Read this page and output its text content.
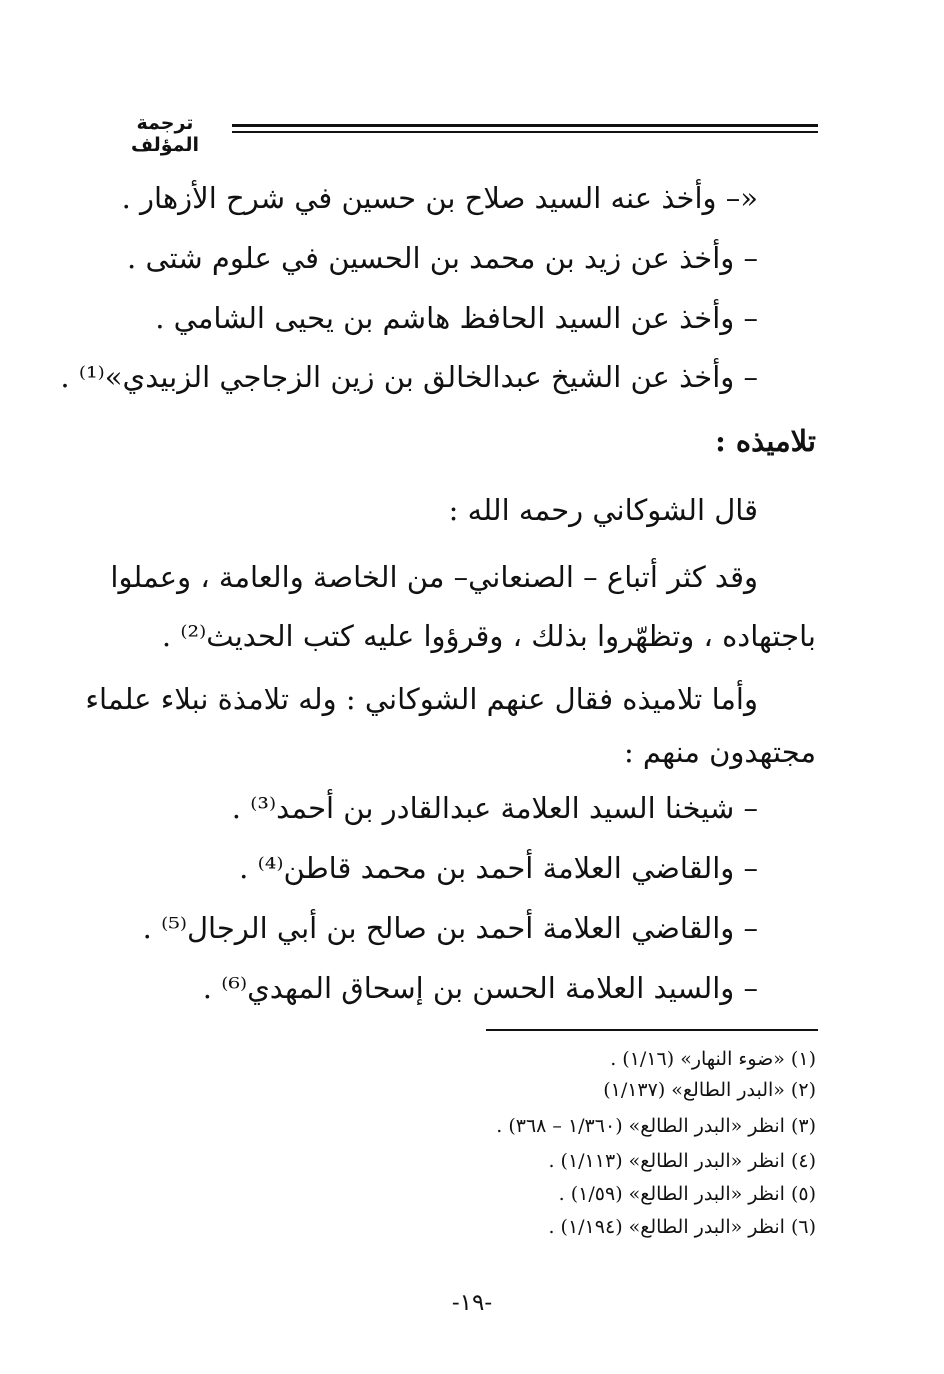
ترجمة المؤلف
«– وأخذ عنه السيد صلاح بن حسين في شرح الأزهار .
– وأخذ عن زيد بن محمد بن الحسين في علوم شتى .
– وأخذ عن السيد الحافظ هاشم بن يحيى الشامي .
– وأخذ عن الشيخ عبدالخالق بن زين الزجاجي الزبيدي»⁽¹⁾ .
تلاميذه :
قال الشوكاني رحمه الله :
وقد كثر أتباع – الصنعاني– من الخاصة والعامة ، وعملوا
باجتهاده ، وتظهّروا بذلك ، وقرؤوا عليه كتب الحديث⁽²⁾ .
وأما تلاميذه فقال عنهم الشوكاني : وله تلامذة نبلاء علماء
مجتهدون منهم :
– شيخنا السيد العلامة عبدالقادر بن أحمد⁽³⁾ .
– والقاضي العلامة أحمد بن محمد قاطن⁽⁴⁾ .
– والقاضي العلامة أحمد بن صالح بن أبي الرجال⁽⁵⁾ .
– والسيد العلامة الحسن بن إسحاق المهدي⁽⁶⁾ .
(١) «ضوء النهار» (١/١٦) .
(٢) «البدر الطالع» (١/١٣٧)
(٣) انظر «البدر الطالع» (١/٣٦٠ – ٣٦٨) .
(٤) انظر «البدر الطالع» (١/١١٣) .
(٥) انظر «البدر الطالع» (١/٥٩) .
(٦) انظر «البدر الطالع» (١/١٩٤) .
-١٩-
